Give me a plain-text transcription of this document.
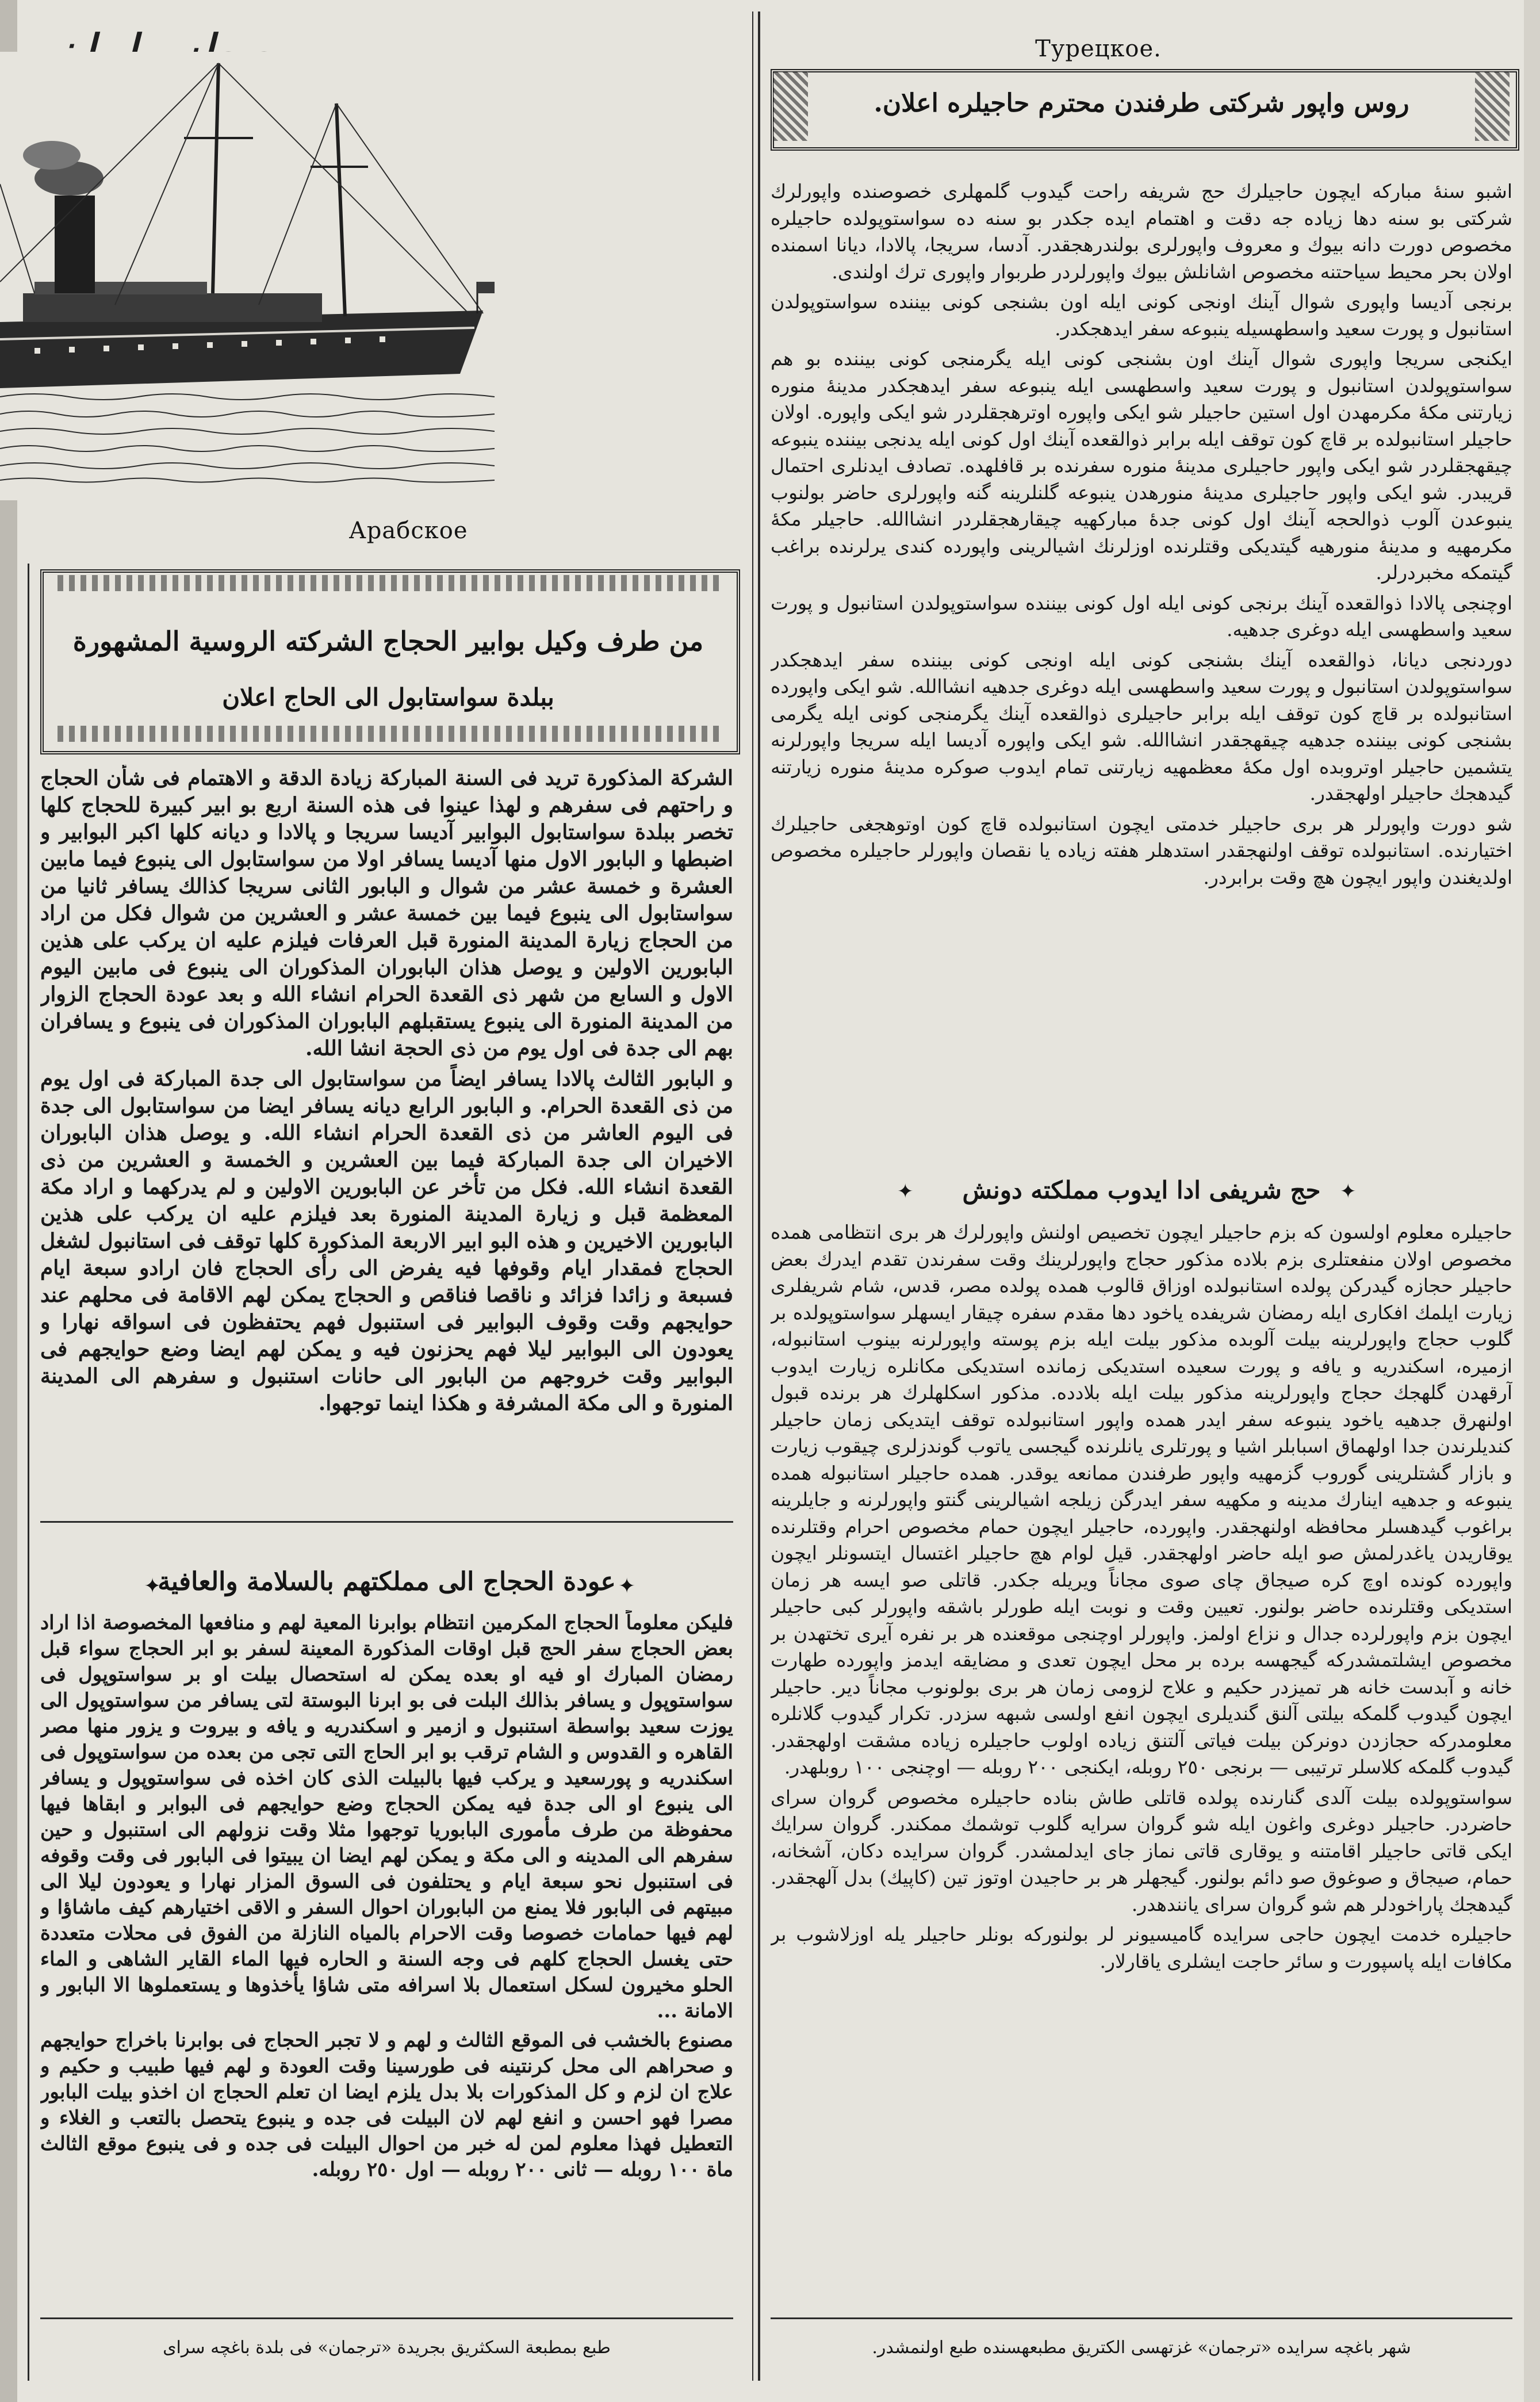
Арабское
من طرف وكيل بوابير الحجاج الشركته الروسية المشهورة
ببلدة سواستابول الى الحاج اعلان

الشركة المذكورة تريد فى السنة المباركة زيادة الدقة و الاهتمام فى شأن الحجاج و راحتهم فى سفرهم و لهذا عينوا فى هذه السنة اربع بو ابير كبيرة للحجاج كلها تخصر ببلدة سواستابول البوابير آديسا سريجا و پالادا و ديانه كلها اكبر البوابير و اضبطها و البابور الاول منها آديسا يسافر اولا من سواستابول الى ينبوع فيما مابين العشرة و خمسة عشر من شوال و البابور الثانى سريجا كذالك يسافر ثانيا من سواستابول الى ينبوع فيما بين خمسة عشر و العشرين من شوال فكل من اراد من الحجاج زيارة المدينة المنورة قبل العرفات فيلزم عليه ان يركب على هذين البابورين الاولين و يوصل هذان البابوران المذكوران الى ينبوع فى مابين اليوم الاول و السابع من شهر ذى القعدة الحرام انشاء الله و بعد عودة الحجاج الزوار من المدينة المنورة الى ينبوع يستقبلهم البابوران المذكوران فى ينبوع و يسافران بهم الى جدة فى اول يوم من ذى الحجة انشا الله.

و البابور الثالث پالادا يسافر ايضاً من سواستابول الى جدة المباركة فى اول يوم من ذى القعدة الحرام. و البابور الرابع ديانه يسافر ايضا من سواستابول الى جدة فى اليوم العاشر من ذى القعدة الحرام انشاء الله. و يوصل هذان البابوران الاخيران الى جدة المباركة فيما بين العشرين و الخمسة و العشرين من ذى القعدة انشاء الله. فكل من تأخر عن البابورين الاولين و لم يدركهما و اراد مكة المعظمة قبل و زيارة المدينة المنورة بعد فيلزم عليه ان يركب على هذين البابورين الاخيرين و هذه البو ابير الاربعة المذكورة كلها توقف فى استانبول لشغل الحجاج فمقدار ايام وقوفها فيه يفرض الى رأى الحجاج فان ارادو سبعة ايام فسبعة و زائدا فزائد و ناقصا فناقص و الحجاج يمكن لهم الاقامة فى محلهم عند حوايجهم وقت وقوف البوابير فى استنبول فهم يحتفظون فى اسواقه نهارا و يعودون الى البوابير ليلا فهم يحزنون فيه و يمكن لهم ايضا وضع حوايجهم فى البوابير وقت خروجهم من البابور الى حانات استنبول و سفرهم الى المدينة المنورة و الى مكة المشرفة و هكذا اينما توجهوا.

عودة الحجاج الى مملكتهم بالسلامة والعافية
✦	✦

فليكن معلوماً الحجاج المكرمين انتظام بوابرنا المعية لهم و منافعها المخصوصة اذا اراد بعض الحجاج سفر الحج قبل اوقات المذكورة المعينة لسفر بو ابر الحجاج سواء قبل رمضان المبارك او فيه او بعده يمكن له استحصال بيلت او بر سواستوپول فى سواستوپول و يسافر بذالك البلت فى بو ابرنا البوستة لتى يسافر من سواستوپول الى يوزت سعيد بواسطة استنبول و ازمير و اسكندريه و يافه و بيروت و يزور منها مصر القاهره و القدوس و الشام ترقب بو ابر الحاج التى تجى من بعده من سواستوپول فى اسكندريه و پورسعيد و يركب فيها بالبيلت الذى كان اخذه فى سواستوپول و يسافر الى ينبوع او الى جدة فيه يمكن الحجاج وضع حوايجهم فى البوابر و ابقاها فيها محفوظة من طرف مأمورى البابوريا توجهوا مثلا وقت نزولهم الى استنبول و حين سفرهم الى المدينه و الى مكة و يمكن لهم ايضا ان يبيتوا فى البابور فى وقت وقوفه فى استنبول نحو سبعة ايام و يحتلفون فى السوق المزار نهارا و يعودون ليلا الى مبيتهم فى البابور فلا يمنع من البابوران احوال السفر و الاقى اختيارهم كيف ماشاؤا و لهم فيها حمامات خصوصا وقت الاحرام بالمياه النازلة من الفوق فى محلات متعددة حتى يغسل الحجاج كلهم فى وجه السنة و الحاره فيها الماء القاير الشاهى و الماء الحلو مخيرون لسكل استعمال بلا اسرافه متى شاؤا يأخذوها و يستعملوها الا البابور و الامانة ...

مصنوع بالخشب فى الموقع الثالث و لهم و لا تجبر الحجاج فى بوابرنا باخراج حوايجهم و صحراهم الى محل كرنتينه فى طورسينا وقت العودة و لهم فيها طبيب و حكيم و علاج ان لزم و كل المذكورات بلا بدل يلزم ايضا ان تعلم الحجاج ان اخذو بيلت البابور مصرا فهو احسن و انفع لهم لان البيلت فى جده و ينبوع يتحصل بالتعب و الغلاء و التعطيل فهذا معلوم لمن له خبر من احوال البيلت فى جده و فى ينبوع موقع الثالث ماة ١٠٠ روبله — ثانى ٢٠٠ روبله — اول ٢٥٠ روبله.

طبع بمطبعة السكثريق بجريدة «ترجمان» فى بلدة باغچه سراى
Турецкое.
روس واپور شركتى طرفندن محترم حاجيلره اعلان.

اشبو سنهٔ مباركه ايچون حاجيلرك حج شريفه راحت گيدوب گلمهلرى خصوصنده واپورلرك شركتى بو سنه دها زياده جه دقت و اهتمام ايده جكدر بو سنه ده سواستوپولده حاجيلره مخصوص دورت دانه بيوك و معروف واپورلرى بولندرهجقدر. آدسا، سريجا، پالادا، ديانا اسمنده اولان بحر محيط سياحتنه مخصوص اشانلش بيوك واپورلردر طربوار واپورى ترك اولندى.

برنجى آديسا واپورى شوال آينك اونجى كونى ايله اون بشنجى كونى بيننده سواستوپولدن استانبول و پورت سعيد واسطهسيله ينبوعه سفر ايدهجكدر.

ايكنجى سريجا واپورى شوال آينك اون بشنجى كونى ايله يگرمنجى كونى بيننده بو هم سواستوپولدن استانبول و پورت سعيد واسطهسى ايله ينبوعه سفر ايدهجكدر مدينهٔ منوره زيارتنى مكهٔ مكرمهدن اول استين حاجيلر شو ايكى واپوره اوترهجقلردر شو ايكى واپوره. اولان حاجيلر استانبولده بر قاچ كون توقف ايله برابر ذوالقعده آينك اول كونى ايله يدنجى بيننده ينبوعه چيقهجقلردر شو ايكى واپور حاجيلرى مدينهٔ منوره سفرنده بر قافلهده. تصادف ايدنلرى احتمال قريبدر. شو ايكى واپور حاجيلرى مدينهٔ منورهدن ينبوعه گلنلرينه گنه واپورلرى حاضر بولنوب ينبوعدن آلوب ذوالحجه آينك اول كونى جدهٔ مباركهيه چيقارهجقلردر انشاالله. حاجيلر مكهٔ مكرمهيه و مدينهٔ منورهيه گيتديكى وقتلرنده اوزلرنك اشيالرينى واپورده كندى يرلرنده براغب گيتمكه مخبردرلر.

اوچنجى پالادا ذوالقعده آينك برنجى كونى ايله اول كونى بيننده سواستوپولدن استانبول و پورت سعيد واسطهسى ايله دوغرى جدهيه.

دوردنجى ديانا، ذوالقعده آينك بشنجى كونى ايله اونجى كونى بيننده سفر ايدهجكدر سواستوپولدن استانبول و پورت سعيد واسطهسى ايله دوغرى جدهيه انشاالله. شو ايكى واپورده استانبولده بر قاچ كون توقف ايله برابر حاجيلرى ذوالقعده آينك يگرمنجى كونى ايله يگرمى بشنجى كونى بيننده جدهيه چيقهجقدر انشاالله. شو ايكى واپوره آديسا ايله سريجا واپورلرنه يتشمين حاجيلر اوتروبده اول مكهٔ معظمهيه زيارتنى تمام ايدوب صوكره مدينهٔ منوره زيارتنه گيدهجك حاجيلر اولهجقدر.

شو دورت واپورلر هر برى حاجيلر خدمتى ايچون استانبولده قاچ كون اوتوهجغى حاجيلرك اختيارنده. استانبولده توقف اولنهجقدر استدهلر هفته زياده يا نقصان واپورلر حاجيلره مخصوص اولديغندن واپور ايچون هچ وقت برابردر.

حج شريفى ادا ايدوب مملكته دونش
✦	✦

حاجيلره معلوم اولسون كه بزم حاجيلر ايچون تخصيص اولنش واپورلرك هر برى انتظامى همده مخصوص اولان منفعتلرى بزم بلاده مذكور حجاج واپورلرينك وقت سفرندن تقدم ايدرك بعض حاجيلر حجازه گيدركن پولده استانبولده اوزاق قالوب همده پولده مصر، قدس، شام شريفلرى زيارت ايلمك افكارى ايله رمضان شريفده ياخود دها مقدم سفره چيقار ايسهلر سواستوپولده بر گلوب حجاج واپورلرينه بيلت آلوبده مذكور بيلت ايله بزم پوسته واپورلرنه بينوب استانبوله، ازميره، اسكندريه و يافه و پورت سعيده استديكى زمانده استديكى مكانلره زيارت ايدوب آرقهدن گلهجك حجاج واپورلرينه مذكور بيلت ايله بلادده. مذكور اسكلهلرك هر برنده قبول اولنهرق جدهيه ياخود ينبوعه سفر ايدر همده واپور استانبولده توقف ايتديكى زمان حاجيلر كنديلرندن جدا اولهماق اسبابلر اشيا و پورتلرى يانلرنده گيجسى ياتوب گوندزلرى چيقوب زيارت و بازار گشتلرينى گوروب گزمهيه واپور طرفندن ممانعه يوقدر. همده حاجيلر استانبوله همده ينبوعه و جدهيه اينارك مدينه و مكهيه سفر ايدرگن زيلجه اشيالرينى گنتو واپورلرنه و جايلرينه براغوب گيدهسلر محافظه اولنهجقدر. واپورده، حاجيلر ايچون حمام مخصوص احرام وقتلرنده يوقاريدن ياغدرلمش صو ايله حاضر اولهجقدر. قيل لوام هچ حاجيلر اغتسال ايتسونلر ايچون واپورده كونده اوچ كره صيجاق چاى صوى مجاناً ويريله جكدر. قاتلى صو ايسه هر زمان استديكى وقتلرنده حاضر بولنور. تعيين وقت و نوبت ايله طورلر باشقه واپورلر كبى حاجيلر ايچون بزم واپورلرده جدال و نزاع اولمز. واپورلر اوچنجى موقعنده هر بر نفره آيرى تختهدن بر مخصوص ايشلتمشدركه گيجهسه برده بر محل ايچون تعدى و مضايقه ايدمز واپورده طهارت خانه و آبدست خانه هر تميزدر حكيم و علاج لزومى زمان هر برى بولونوب مجاناً دير. حاجيلر ايچون گيدوب گلمكه بيلتى آلنق گنديلرى ايچون انفع اولسى شبهه سزدر. تكرار گيدوب گلانلره معلومدركه حجازدن دونركن بيلت فياتى آلتنق زياده اولوب حاجيلره زياده مشقت اولهجقدر. گيدوب گلمكه كلاسلر ترتيبى — برنجى ٢٥٠ روبله، ايكنجى ٢٠٠ روبله — اوچنجى ١٠٠ روبلهدر.

سواستوپولده بيلت آلدى گنارنده پولده قاتلى طاش بناده حاجيلره مخصوص گروان سراى حاضردر. حاجيلر دوغرى واغون ايله شو گروان سرايه گلوب توشمك ممكندر. گروان سرايك ايكى قاتى حاجيلر اقامتنه و يوقارى قاتى نماز جاى ايدلمشدر. گروان سرايده دكان، آشخانه، حمام، صيجاق و صوغوق صو دائم بولنور. گيجهلر هر بر حاجيدن اوتوز تين (كاپيك) بدل آلهجقدر. گيدهجك پاراخودلر هم شو گروان سراى يانندهدر.

حاجيلره خدمت ايچون حاجى سرايده گاميسيونر لر بولنوركه بونلر حاجيلر يله اوزلاشوب بر مكافات ايله پاسپورت و سائر حاجت ايشلرى ياقارلار.

شهر باغچه سرايده «ترجمان» غزتهسى الكتريق مطبعهسنده طبع اولنمشدر.
